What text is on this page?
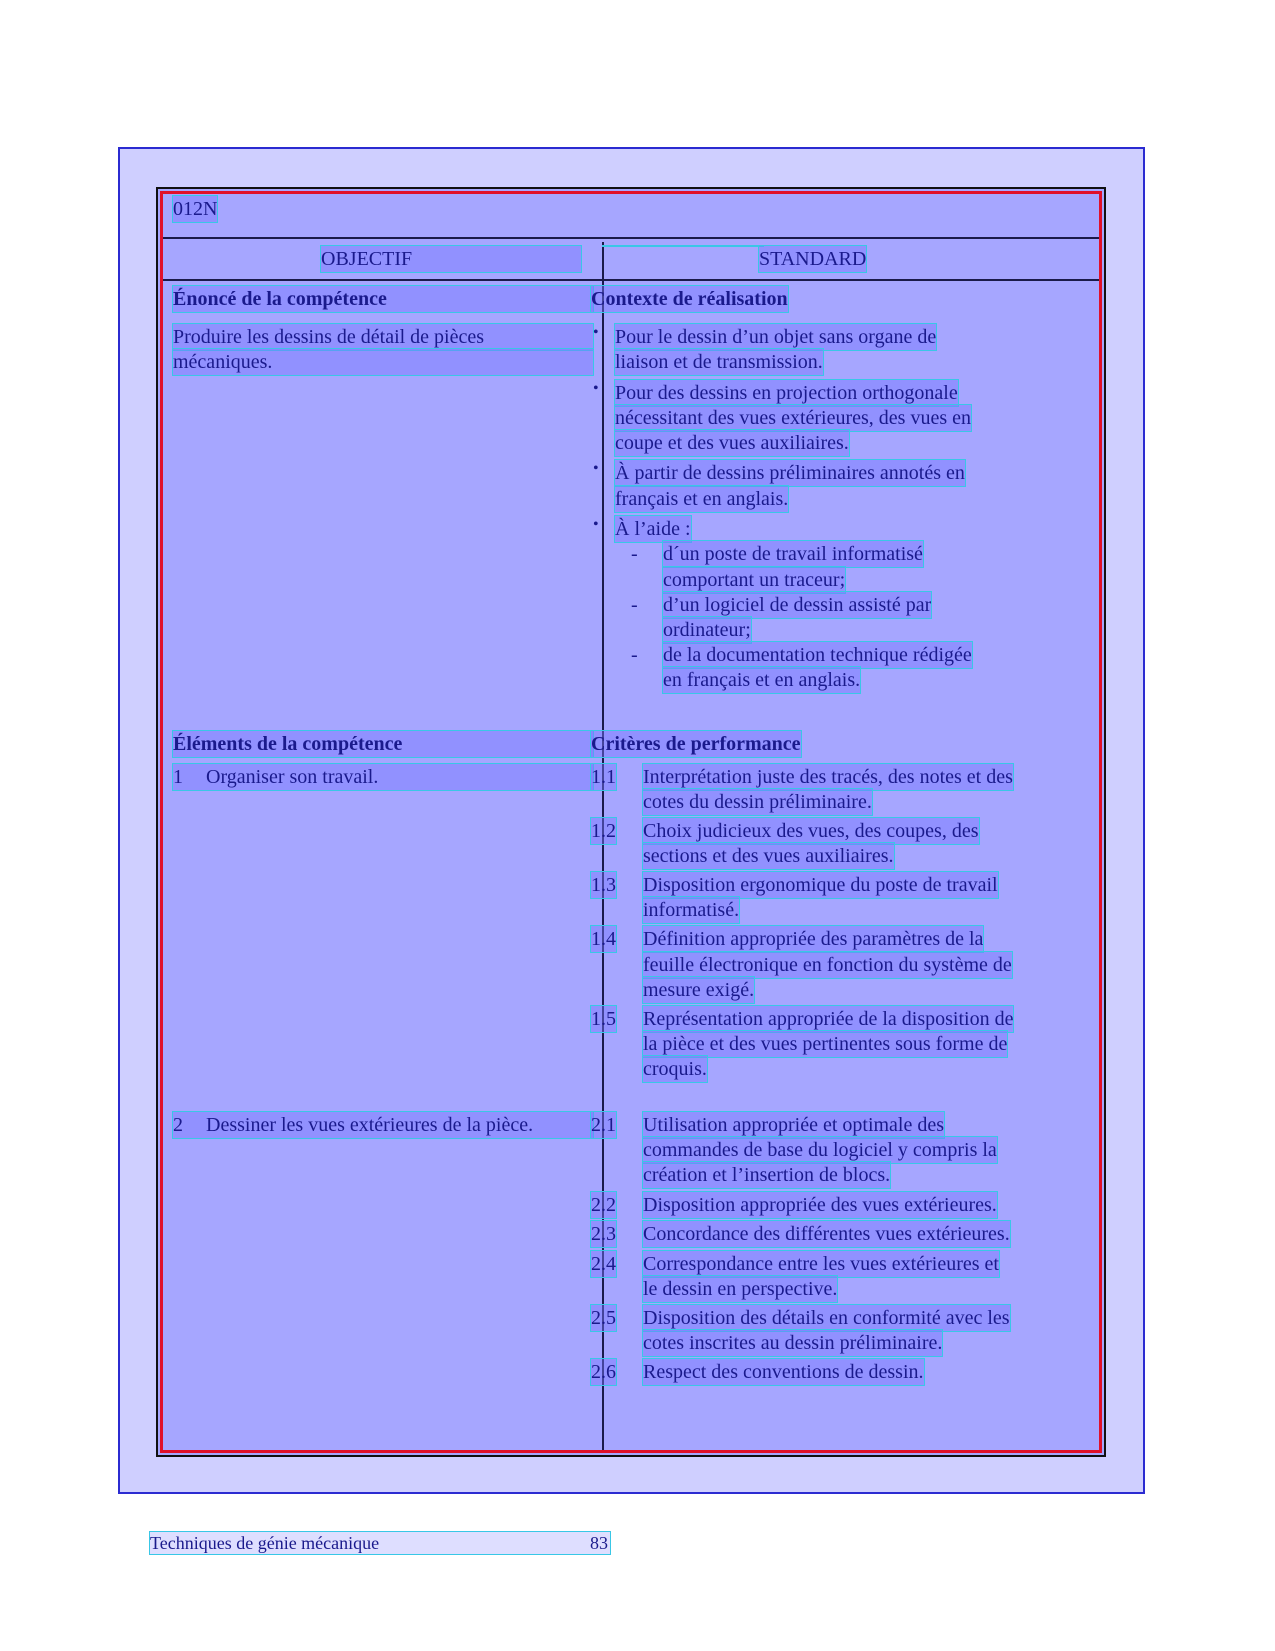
012N
OBJECTIF	STANDARD
Énoncé de la compétence
Produire les dessins de détail de pièces
mécaniques.
Éléments de la compétence
1 Organiser son travail.
2 Dessiner les vues extérieures de la pièce.
Contexte de réalisation
• Pour le dessin d’un objet sans organe de
liaison et de transmission.
• Pour des dessins en projection orthogonale
nécessitant des vues extérieures, des vues en
coupe et des vues auxiliaires.
• À partir de dessins préliminaires annotés en
français et en anglais.
• À l’aide :
- d´un poste de travail informatisé
comportant un traceur;
- d’un logiciel de dessin assisté par
ordinateur;
- de la documentation technique rédigée
en français et en anglais.
Critères de performance
1.1 Interprétation juste des tracés, des notes et des
cotes du dessin préliminaire.
1.2 Choix judicieux des vues, des coupes, des
sections et des vues auxiliaires.
1.3 Disposition ergonomique du poste de travail
informatisé.
1.4 Définition appropriée des paramètres de la
feuille électronique en fonction du système de
mesure exigé.
1.5 Représentation appropriée de la disposition de
la pièce et des vues pertinentes sous forme de
croquis.
2.1 Utilisation appropriée et optimale des
commandes de base du logiciel y compris la
création et l’insertion de blocs.
2.2 Disposition appropriée des vues extérieures.
2.3 Concordance des différentes vues extérieures.
2.4 Correspondance entre les vues extérieures et
le dessin en perspective.
2.5 Disposition des détails en conformité avec les
cotes inscrites au dessin préliminaire.
2.6 Respect des conventions de dessin.
Techniques de génie mécanique	83
